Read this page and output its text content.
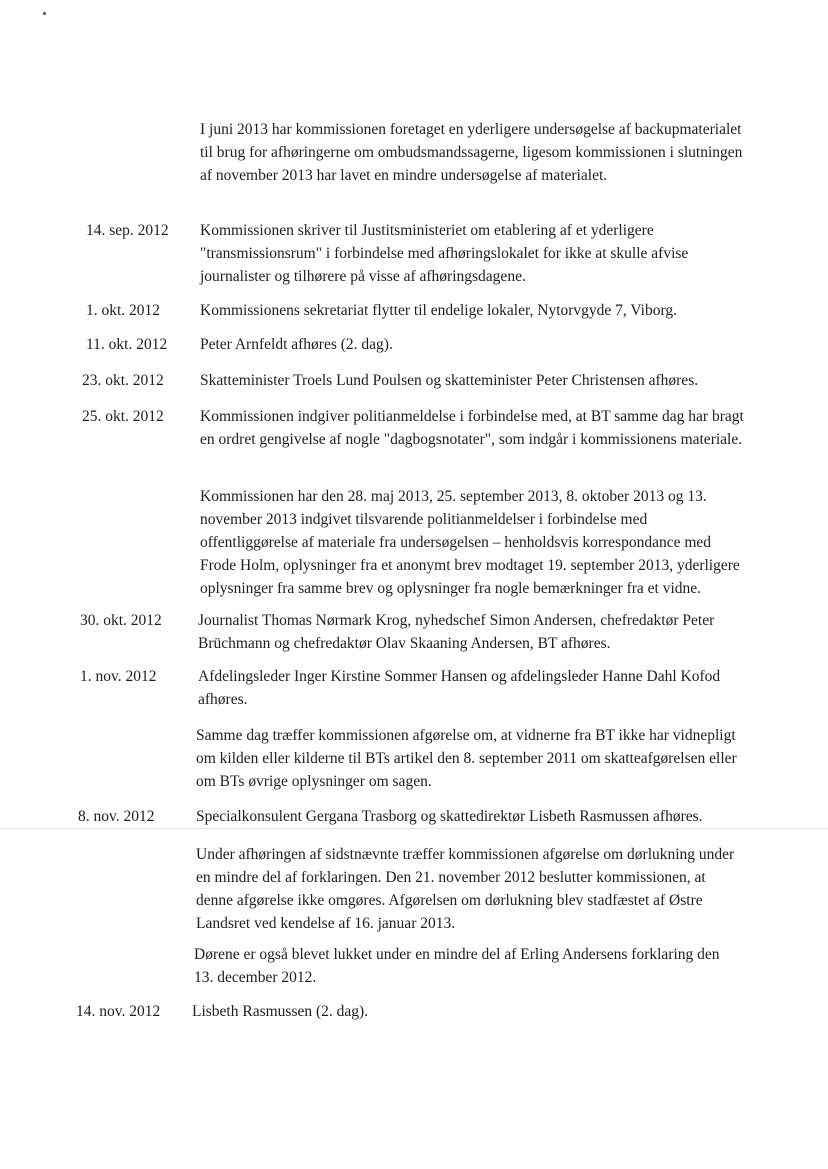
I juni 2013 har kommissionen foretaget en yderligere undersøgelse af backupmaterialet til brug for afhøringerne om ombudsmandssagerne, ligesom kommissionen i slutningen af november 2013 har lavet en mindre undersøgelse af materialet.
14. sep. 2012 Kommissionen skriver til Justitsministeriet om etablering af et yderligere "transmissionsrum" i forbindelse med afhøringslokalet for ikke at skulle afvise journalister og tilhørere på visse af afhøringsdagene.
1. okt. 2012	Kommissionens sekretariat flytter til endelige lokaler, Nytorvgyde 7, Viborg.
11. okt. 2012 Peter Arnfeldt afhøres (2. dag).
23. okt. 2012 Skatteminister Troels Lund Poulsen og skatteminister Peter Christensen afhøres.
25. okt. 2012 Kommissionen indgiver politianmeldelse i forbindelse med, at BT samme dag har bragt en ordret gengivelse af nogle "dagbogsnotater", som indgår i kommissionens materiale.
Kommissionen har den 28. maj 2013, 25. september 2013, 8. oktober 2013 og 13. november 2013 indgivet tilsvarende politianmeldelser i forbindelse med offentliggørelse af materiale fra undersøgelsen – henholdsvis korrespondance med Frode Holm, oplysninger fra et anonymt brev modtaget 19. september 2013, yderligere oplysninger fra samme brev og oplysninger fra nogle bemærkninger fra et vidne.
30. okt. 2012 Journalist Thomas Nørmark Krog, nyhedschef Simon Andersen, chefredaktør Peter Brüchmann og chefredaktør Olav Skaaning Andersen, BT afhøres.
1. nov. 2012	Afdelingsleder Inger Kirstine Sommer Hansen og afdelingsleder Hanne Dahl Kofod afhøres.
Samme dag træffer kommissionen afgørelse om, at vidnerne fra BT ikke har vidnepligt om kilden eller kilderne til BTs artikel den 8. september 2011 om skatteafgørelsen eller om BTs øvrige oplysninger om sagen.
8. nov. 2012	Specialkonsulent Gergana Trasborg og skattedirektør Lisbeth Rasmussen afhøres.
Under afhøringen af sidstnævnte træffer kommissionen afgørelse om dørlukning under en mindre del af forklaringen. Den 21. november 2012 beslutter kommissionen, at denne afgørelse ikke omgøres. Afgørelsen om dørlukning blev stadfæstet af Østre Landsret ved kendelse af 16. januar 2013.
Dørene er også blevet lukket under en mindre del af Erling Andersens forklaring den 13. december 2012.
14. nov. 2012 Lisbeth Rasmussen (2. dag).
